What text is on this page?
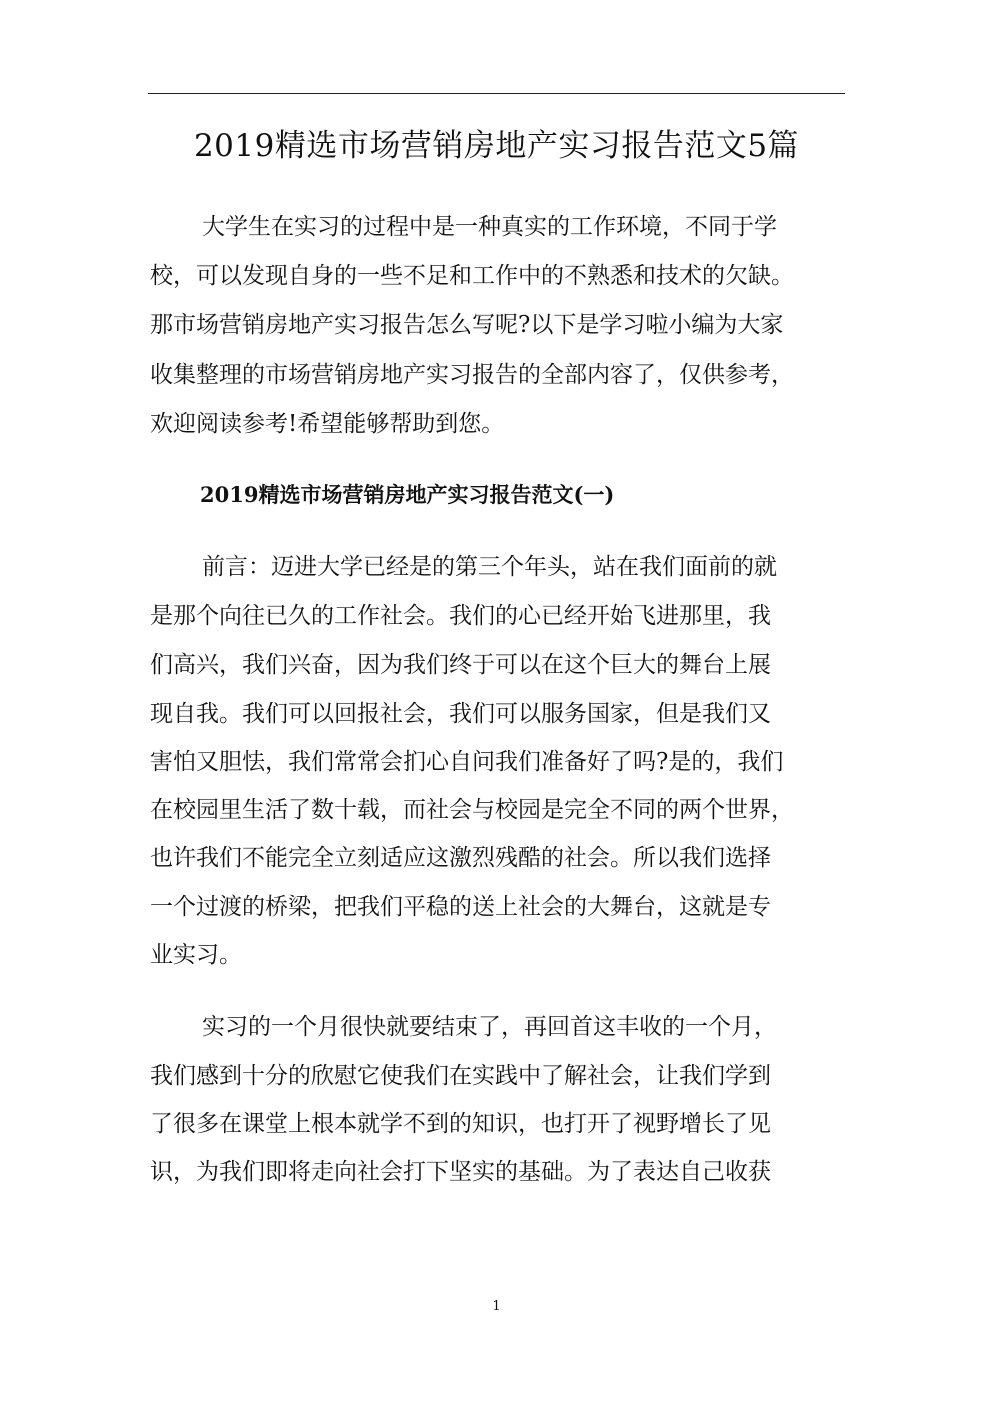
2019精选市场营销房地产实习报告范文5篇

大学生在实习的过程中是一种真实的工作环境，不同于学

校，可以发现自身的一些不足和工作中的不熟悉和技术的欠缺。

那市场营销房地产实习报告怎么写呢?以下是学习啦小编为大家

收集整理的市场营销房地产实习报告的全部内容了，仅供参考，

欢迎阅读参考!希望能够帮助到您。

2019精选市场营销房地产实习报告范文(一)

前言：迈进大学已经是的第三个年头，站在我们面前的就

是那个向往已久的工作社会。我们的心已经开始飞进那里，我

们高兴，我们兴奋，因为我们终于可以在这个巨大的舞台上展

现自我。我们可以回报社会，我们可以服务国家，但是我们又

害怕又胆怯，我们常常会扪心自问我们准备好了吗?是的，我们

在校园里生活了数十载，而社会与校园是完全不同的两个世界，

也许我们不能完全立刻适应这激烈残酷的社会。所以我们选择

一个过渡的桥梁，把我们平稳的送上社会的大舞台，这就是专

业实习。

实习的一个月很快就要结束了，再回首这丰收的一个月，

我们感到十分的欣慰它使我们在实践中了解社会，让我们学到

了很多在课堂上根本就学不到的知识，也打开了视野增长了见

识，为我们即将走向社会打下坚实的基础。为了表达自己收获

1
